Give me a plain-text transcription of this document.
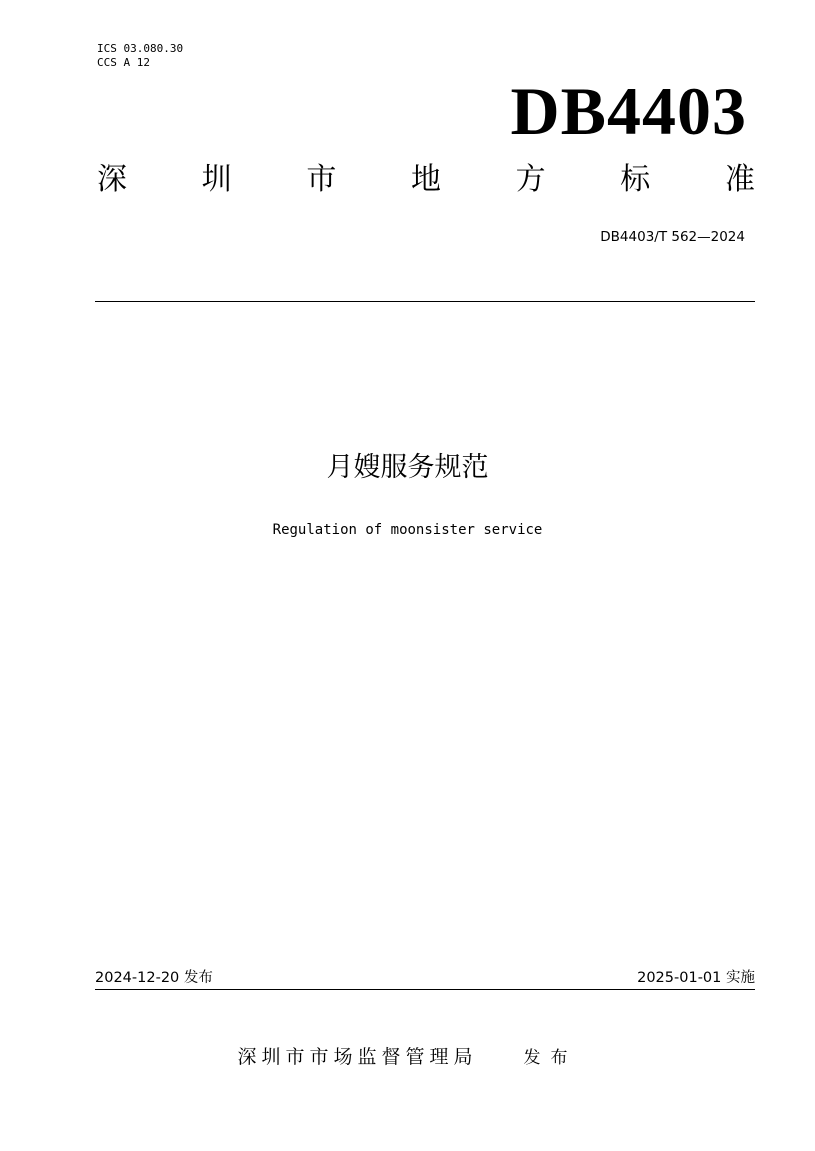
ICS 03.080.30
CCS A 12
DB4403
深 圳 市 地 方 标 准
DB4403/T 562—2024
月嫂服务规范
Regulation of moonsister service
2024-12-20 发布	2025-01-01 实施
深圳市市场监督管理局	发布
